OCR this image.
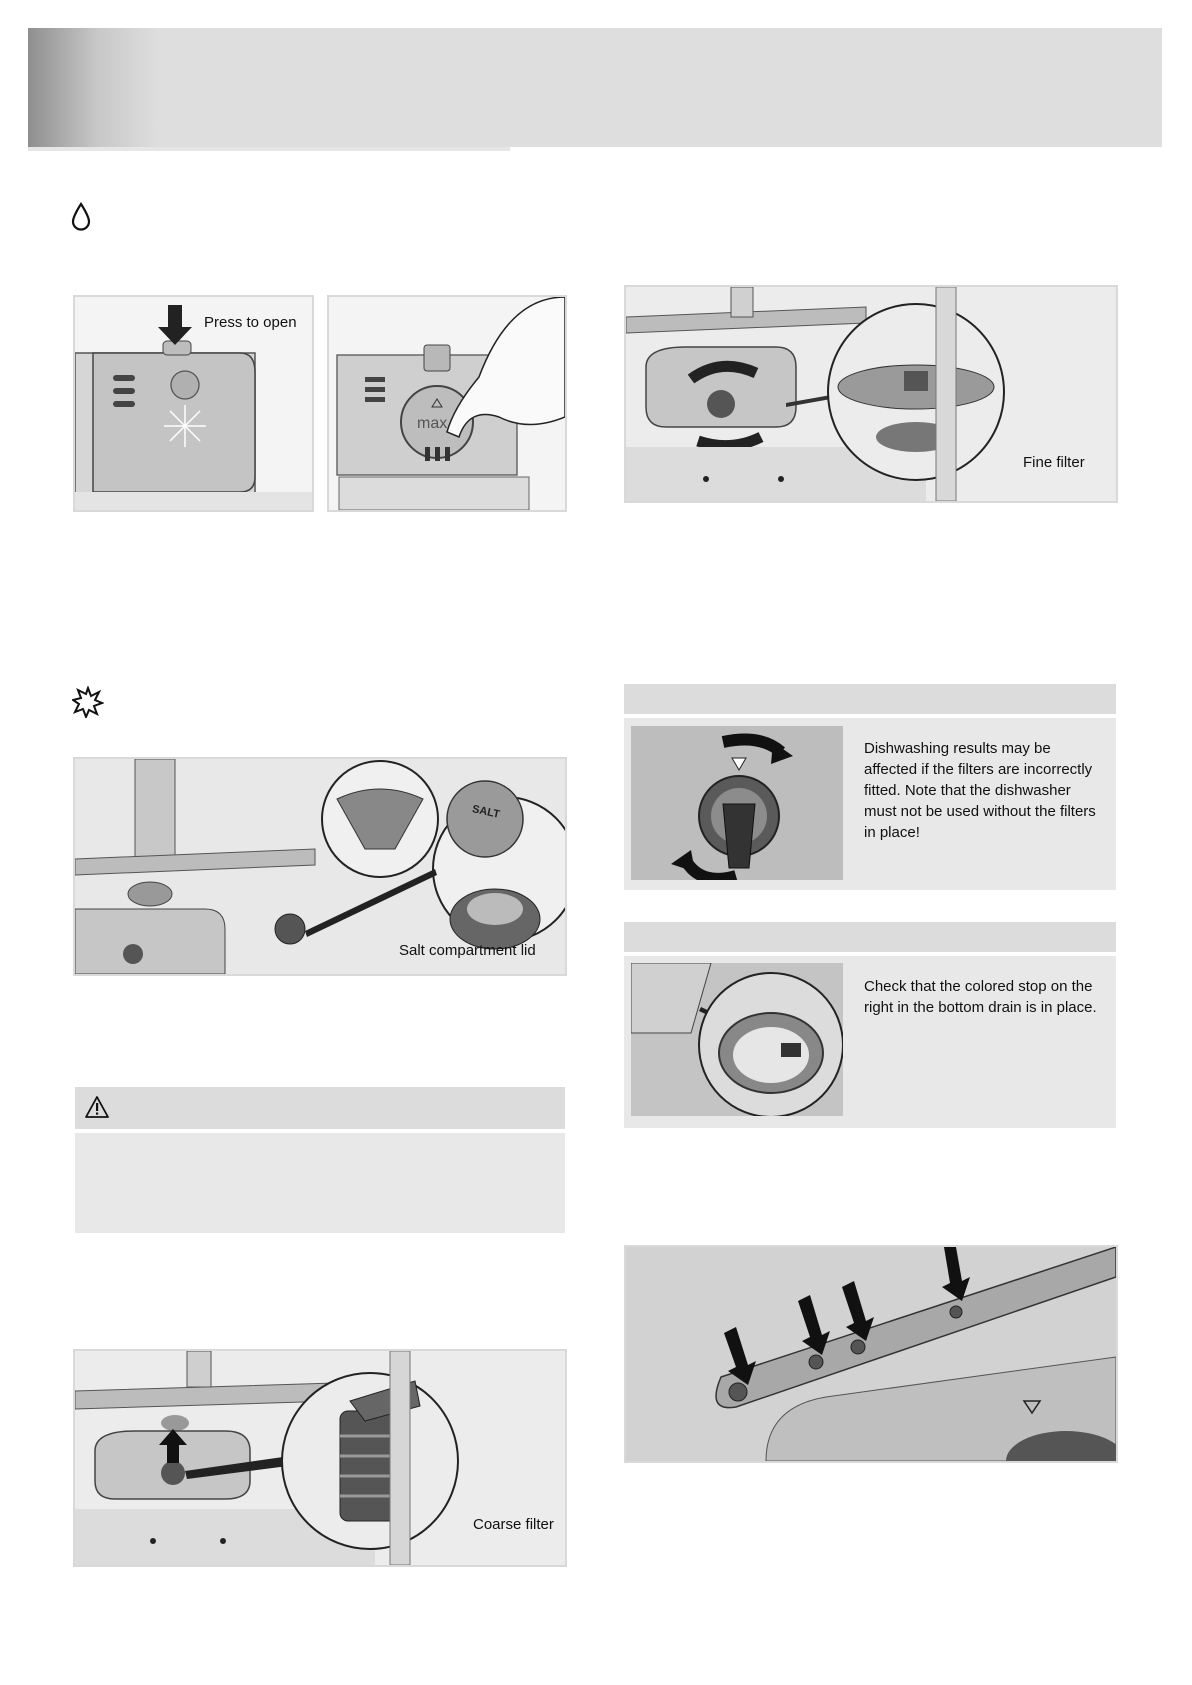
Press to open
max
Fine filter
SALT
Salt compartment lid
Coarse filter
Dishwashing results may be affected if the filters are incorrectly fitted. Note that the dishwasher must not be used without the filters in place!
Check that the colored stop on the right in the bottom drain is in place.
